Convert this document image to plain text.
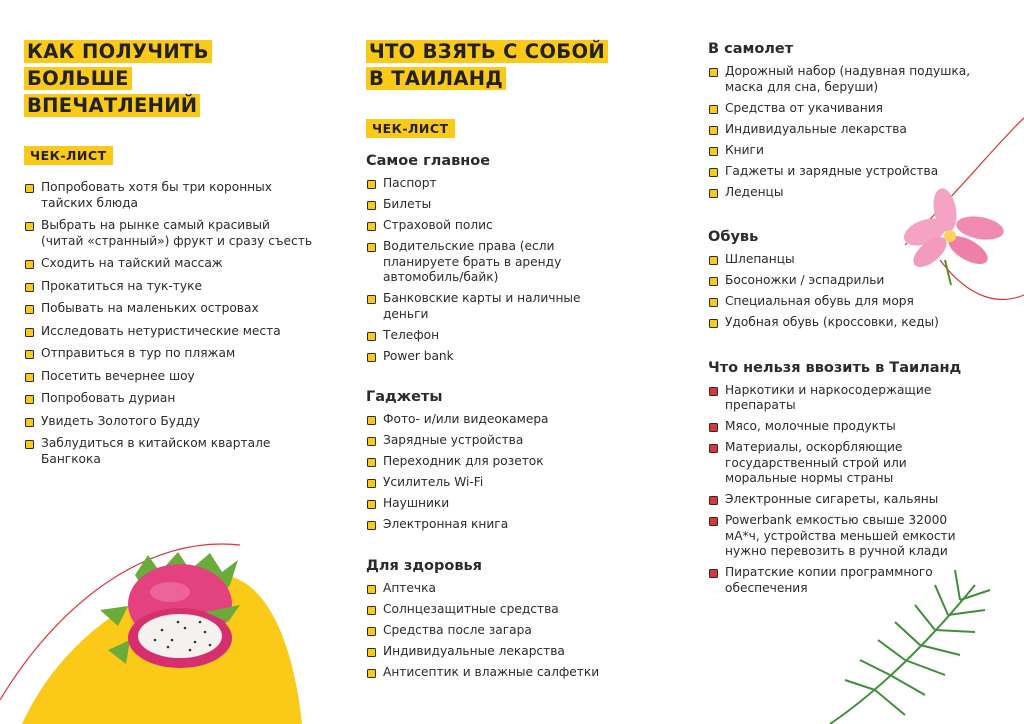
КАК ПОЛУЧИТЬ БОЛЬШЕ ВПЕЧАТЛЕНИЙ
ЧЕК-ЛИСТ
Попробовать хотя бы три коронных тайских блюда
Выбрать на рынке самый красивый (читай «странный») фрукт и сразу съесть
Сходить на тайский массаж
Прокатиться на тук-туке
Побывать на маленьких островах
Исследовать нетуристические места
Отправиться в тур по пляжам
Посетить вечернее шоу
Попробовать дуриан
Увидеть Золотого Будду
Заблудиться в китайском квартале Бангкока
ЧТО ВЗЯТЬ С СОБОЙ В ТАИЛАНД
ЧЕК-ЛИСТ
Самое главное
Паспорт
Билеты
Страховой полис
Водительские права (если планируете брать в аренду автомобиль/байк)
Банковские карты и наличные деньги
Телефон
Power bank
Гаджеты
Фото- и/или видеокамера
Зарядные устройства
Переходник для розеток
Усилитель Wi-Fi
Наушники
Электронная книга
Для здоровья
Аптечка
Солнцезащитные средства
Средства после загара
Индивидуальные лекарства
Антисептик и влажные салфетки
В самолет
Дорожный набор (надувная подушка, маска для сна, беруши)
Средства от укачивания
Индивидуальные лекарства
Книги
Гаджеты и зарядные устройства
Леденцы
Обувь
Шлепанцы
Босоножки / эспадрильи
Специальная обувь для моря
Удобная обувь (кроссовки, кеды)
Что нельзя ввозить в Таиланд
Наркотики и наркосодержащие препараты
Мясо, молочные продукты
Материалы, оскорбляющие государственный строй или моральные нормы страны
Электронные сигареты, кальяны
Powerbank емкостью свыше 32000 мА*ч, устройства меньшей емкости нужно перевозить в ручной клади
Пиратские копии программного обеспечения
